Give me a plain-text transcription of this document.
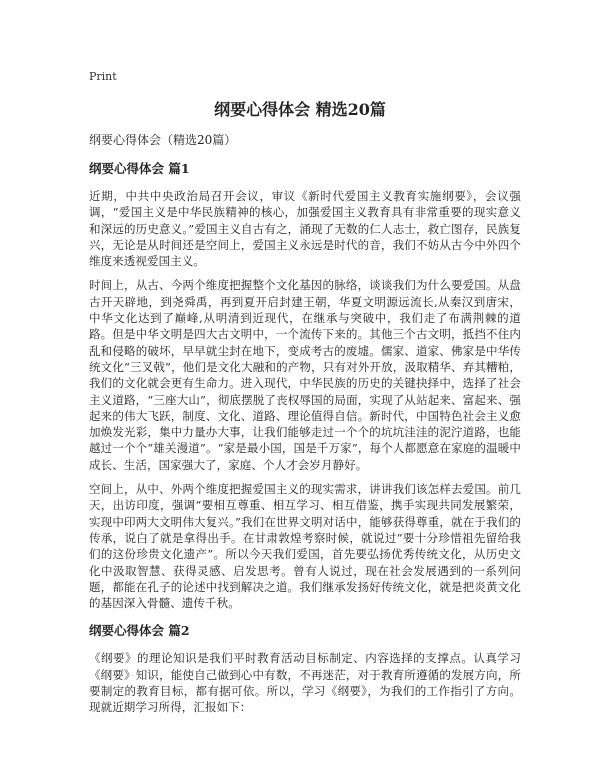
Print
纲要心得体会 精选20篇
纲要心得体会（精选20篇）
纲要心得体会 篇1

近期，中共中央政治局召开会议，审议《新时代爱国主义教育实施纲要》，会议强调，“爱国主义是中华民族精神的核心，加强爱国主义教育具有非常重要的现实意义和深远的历史意义。”爱国主义自古有之，涌现了无数的仁人志士，救亡图存，民族复兴，无论是从时间还是空间上，爱国主义永远是时代的音，我们不妨从古今中外四个维度来透视爱国主义。

时间上，从古、今两个维度把握整个文化基因的脉络，谈谈我们为什么要爱国。从盘古开天辟地，到尧舜禹，再到夏开启封建王朝，华夏文明源远流长,从秦汉到唐宋，中华文化达到了巅峰,从明清到近现代，在继承与突破中，我们走了布满荆棘的道路。但是中华文明是四大古文明中，一个流传下来的。其他三个古文明，抵挡不住内乱和侵略的破坏，早早就尘封在地下，变成考古的废墟。儒家、道家、佛家是中华传统文化“三叉戟”，他们是文化大融和的产物，只有对外开放，汲取精华、弃其糟粕，我们的文化就会更有生命力。进入现代，中华民族的历史的关键抉择中，选择了社会主义道路，“三座大山”，彻底摆脱了丧权辱国的局面，实现了从站起来、富起来、强起来的伟大飞跃，制度、文化、道路、理论值得自信。新时代，中国特色社会主义愈加焕发光彩，集中力量办大事，让我们能够走过一个个的坑坑洼洼的泥泞道路，也能越过一个个“雄关漫道”。“家是最小国，国是千万家”，每个人都愿意在家庭的温暖中成长、生活，国家强大了，家庭、个人才会岁月静好。

空间上，从中、外两个维度把握爱国主义的现实需求，讲讲我们该怎样去爱国。前几天，出访印度，强调“要相互尊重、相互学习、相互借鉴，携手实现共同发展繁荣，实现中印两大文明伟大复兴。”我们在世界文明对话中，能够获得尊重，就在于我们的传承，说白了就是拿得出手。在甘肃敦煌考察时候，就说过“要十分珍惜祖先留给我们的这份珍贵文化遗产”。所以今天我们爱国，首先要弘扬优秀传统文化，从历史文化中汲取智慧、获得灵感、启发思考。曾有人说过，现在社会发展遇到的一系列问题，都能在孔子的论述中找到解决之道。我们继承发扬好传统文化，就是把炎黄文化的基因深入骨髓、遗传千秋。

纲要心得体会 篇2

《纲要》的理论知识是我们平时教育活动目标制定、内容选择的支撑点。认真学习《纲要》知识，能使自己做到心中有数，不再迷茫，对于教育所遵循的发展方向，所要制定的教育目标，都有据可依。所以，学习《纲要》，为我们的工作指引了方向。现就近期学习所得，汇报如下：
